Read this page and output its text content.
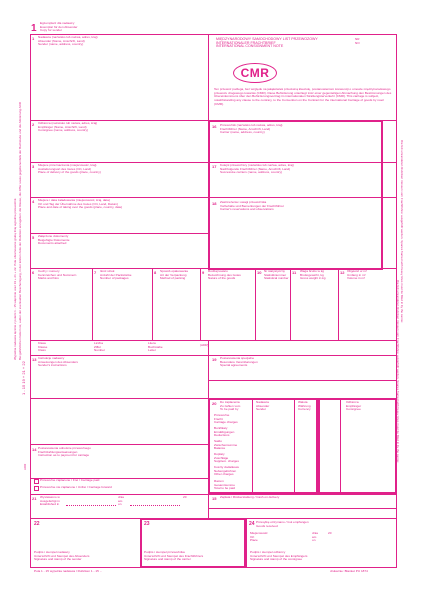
1 Egzemplarz dla nadawcy
Exemplar für den Absender
Copy for sender
Wypełnia nadawca łącznie z polami 1 - 15 włącznie oraz 19 + 21 + 22. Pola obramowane grubą linią wypełnia przewoźnik. Bei gefährlichen Gütern ist, außer der eventuellen Bescheinigung, in der letzten Zeile der Rubriken anzugeben: die Klasse, die Ziffer sowie gegebenenfalls der Buchstabe und die Abkürzung ADR
1 - 15 19 + 21 + 22
ADR
Die fett umrandeten Rubriken müssen vom Frachtführer ausgefüllt werden. Spaces framed with heavy lines must be filled in by the carrier.
Die fett umrandeten Rubriken müssen vom Frachtführer ausgefüllt werden. Spaces framed with heavy lines must be filled in by the carrier.
1 Nadawca (nazwisko lub nazwa, adres, kraj)
Absender (Name, Anschrift, Land)
Sender (name, address, country)
MIĘDZYNARODOWY SAMOCHODOWY LIST PRZEWOZOWY
INTERNATIONALER FRACHTBRIEF
INTERNATIONAL CONSIGNMENT NOTE
NR
NO
CMR
Ten przewóz podlega, bez względu na jakąkolwiek przeciwną klauzulę, postanowieniom konwencji o umowie międzynarodowego przewozu drogowego towarów (CMR). Diese Beförderung unterliegt trotz einer gegenteiligen Abmachung den Bestimmungen des Übereinkommens über den Beförderungsvertrag im internationalen Straßengüterverkehr (CMR). This carriage is subject, notwithstanding any clause to the contrary, to the Convention on the Contract for the international Carriage of goods by road (CMR).
2 Odbiorca (nazwisko lub nazwa, adres, kraj)
Empfänger (Name, Anschrift, Land)
Consignee (name, address, country)
16 Przewoźnik (nazwisko lub nazwa, adres, kraj)
Frachtführer (Name, Anschrift, Land)
Carrier (name, address, country)
3 Miejsce przeznaczenia (miejscowość, kraj)
Auslieferungsort des Gutes (Ort, Land)
Place of delivery of the goods (place, country)
17 Kolejni przewoźnicy (nazwisko lub nazwa, adres, kraj)
Nachfolgende Frachtführer (Name, Anschrift, Land)
Successive carriers (name, address, country)
4 Miejsce i data załadowania (miejscowość, kraj, data)
Ort und Tag der Übernahme des Gutes (Ort, Land, Datum)
Place and date of taking over the goods (place, country, date)
18 Zastrzeżenia i uwagi przewoźnika
Vorbehalte und Bemerkungen der Frachtführer
Carrier's reservations and observations
5 Załączone dokumenty
Beigefügte Dokumente
Documents attached
6 Cechy i numery
Kennzeichen und Nummern
Marks and Nos
7 Ilość sztuk
Anzahl der Packstücke
Number of packages
8 Sposób opakowania
Art der Verpackung
Method of packing
9 Rodzaj towaru
Bezeichnung des Gutes
Nature of the goods
10 Nr statystyczny
Statistiknummer
Statistical number
11 Waga brutto w kg
Bruttogewicht, kg
Gross weight in kg
12 Objętość w m³
Umfang in m³
Volume in m³
Klasa
Klasse
Class
Liczba
Ziffer
Number
Litera
Buchstabe
Letter
(ADR)
13 Instrukcje nadawcy
Anweisungen des Absenders
Sender's instructions
19 Postanowienia specjalne
Besondere Vereinbarungen
Special agreements
20 Do zapłacenia
Zu zahlen vom
To be paid by
Nadawca
Absender
Sender
Waluta
Währung
Currency
Odbiorca
Empfänger
Consignee
Przewoźne
Fracht
Carriage charges
Bonifikaty
Ermäßigungen
Deductions
Saldo
Zwischensumme
Balance
Dopłaty
Zuschläge
Supplem. charges
Koszty dodatkowe
Nebengebühren
Other charges
Razem
Gesamtsumme
Total to be paid
14 Postanowienia odnośnie przewoźnego
Frachtzahlungsanweisungen
Instruction as to payment for carriage
Przewoźne zapłacone / Frei / Carriage paid
Przewoźne nie zapłacone / Unfrei / Carriage forward
15 Zapłata / Rückerstattung / Cash on delivery
21 Wystawiono w
Ausgefertigt in
Established in
dnia
am
on
20
22
Podpis i stempel nadawcy
Unterschrift und Stempel des Absenders
Signature and stamp of the sender
23
Podpis i stempel przewoźnika
Unterschrift und Stempel des Frachtführers
Signature and stamp of the carrier
24 Przesyłkę otrzymano / Gut empfangen
Goods received
Miejscowość
Ort
Place
dnia
am
on
20
Podpis i stempel odbiorcy
Unterschrift und Stempel des Empfängers
Signature and stamp of the consignee
Pola 1 - 15 wypełnia nadawca / Rubriken 1 - 15 ...	drukarnie: Blanket PU 1874
